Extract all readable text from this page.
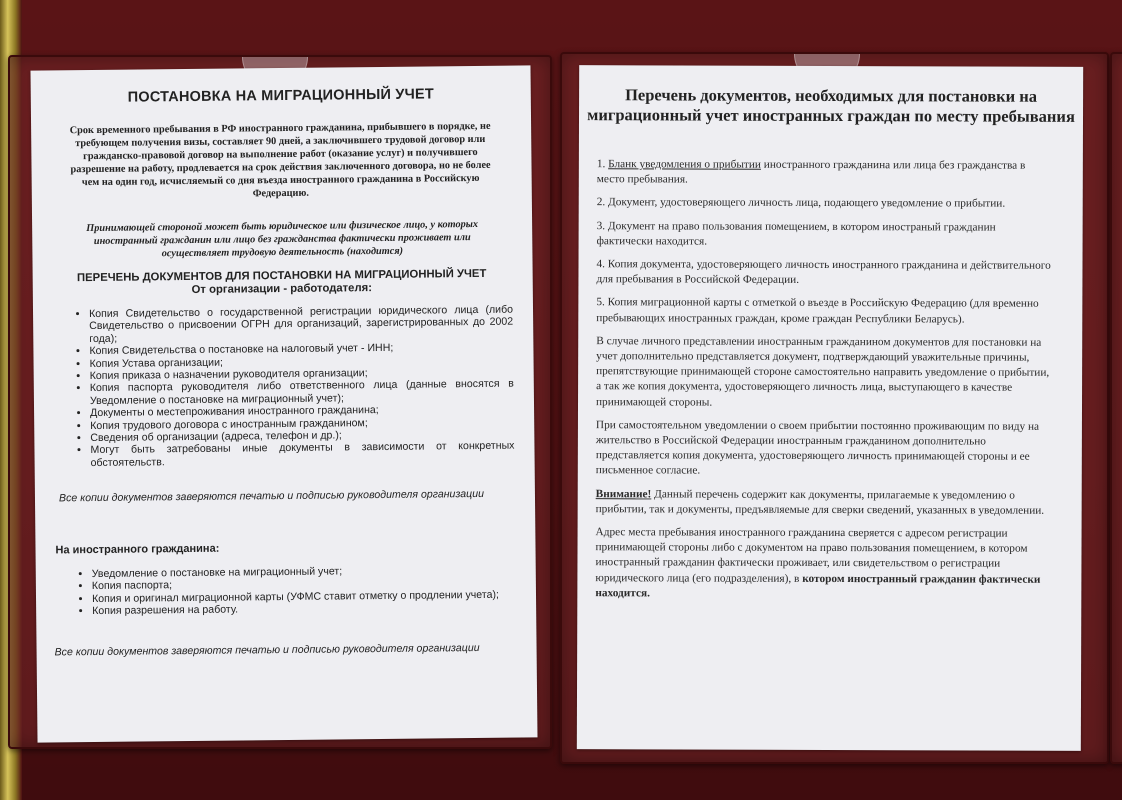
ПОСТАНОВКА НА МИГРАЦИОННЫЙ УЧЕТ
Срок временного пребывания в РФ иностранного гражданина, прибывшего в порядке, не требующем получения визы, составляет 90 дней, а заключившего трудовой договор или гражданско-правовой договор на выполнение работ (оказание услуг) и получившего разрешение на работу, продлевается на срок действия заключенного договора, но не более чем на один год, исчисляемый со дня въезда иностранного гражданина в Российскую Федерацию.
Принимающей стороной может быть юридическое или физическое лицо, у которых иностранный гражданин или лицо без гражданства фактически проживает или осуществляет трудовую деятельность (находится)
ПЕРЕЧЕНЬ ДОКУМЕНТОВ ДЛЯ ПОСТАНОВКИ НА МИГРАЦИОННЫЙ УЧЕТ
От организации - работодателя:
• Копия Свидетельство о государственной регистрации юридического лица (либо Свидетельство о присвоении ОГРН для организаций, зарегистрированных до 2002 года);
• Копия Свидетельства о постановке на налоговый учет - ИНН;
• Копия Устава организации;
• Копия приказа о назначении руководителя организации;
• Копия паспорта руководителя либо ответственного лица (данные вносятся в Уведомление о постановке на миграционный учет);
• Документы о местепроживания иностранного гражданина;
• Копия трудового договора с иностранным гражданином;
• Сведения об организации (адреса, телефон и др.);
• Могут быть затребованы иные документы в зависимости от конкретных обстоятельств.
Все копии документов заверяются печатью и подписью руководителя организации
На иностранного гражданина:
• Уведомление о постановке на миграционный учет;
• Копия паспорта;
• Копия и оригинал миграционной карты (УФМС ставит отметку о продлении учета);
• Копия разрешения на работу.
Все копии документов заверяются печатью и подписью руководителя организации
Перечень документов, необходимых для постановки на миграционный учет иностранных граждан по месту пребывания

1. Бланк уведомления о прибытии иностранного гражданина или лица без гражданства в место пребывания.

2. Документ, удостоверяющего личность лица, подающего уведомление о прибытии.

3. Документ на право пользования помещением, в котором иностраный гражданин фактически находится.

4. Копия документа, удостоверяющего личность иностранного гражданина и действительного для пребывания в Российской Федерации.

5. Копия миграционной карты с отметкой о въезде в Российскую Федерацию (для временно пребывающих иностранных граждан, кроме граждан Республики Беларусь).

В случае личного представлении иностранным гражданином документов для постановки на учет дополнительно представляется документ, подтверждающий уважительные причины, препятствующие принимающей стороне самостоятельно направить уведомление о прибытии, а так же копия документа, удостоверяющего личность лица, выступающего в качестве принимающей стороны.

При самостоятельном уведомлении о своем прибытии постоянно проживающим по виду на жительство в Российской Федерации иностранным гражданином дополнительно представляется копия документа, удостоверяющего личность принимающей стороны и ее письменное согласие.

Внимание! Данный перечень содержит как документы, прилагаемые к уведомлению о прибытии, так и документы, предъявляемые для сверки сведений, указанных в уведомлении.

Адрес места пребывания иностранного гражданина сверяется с адресом регистрации принимающей стороны либо с документом на право пользования помещением, в котором иностранный гражданин фактически проживает, или свидетельством о регистрации юридического лица (его подразделения), в котором иностранный гражданин фактически находится.
